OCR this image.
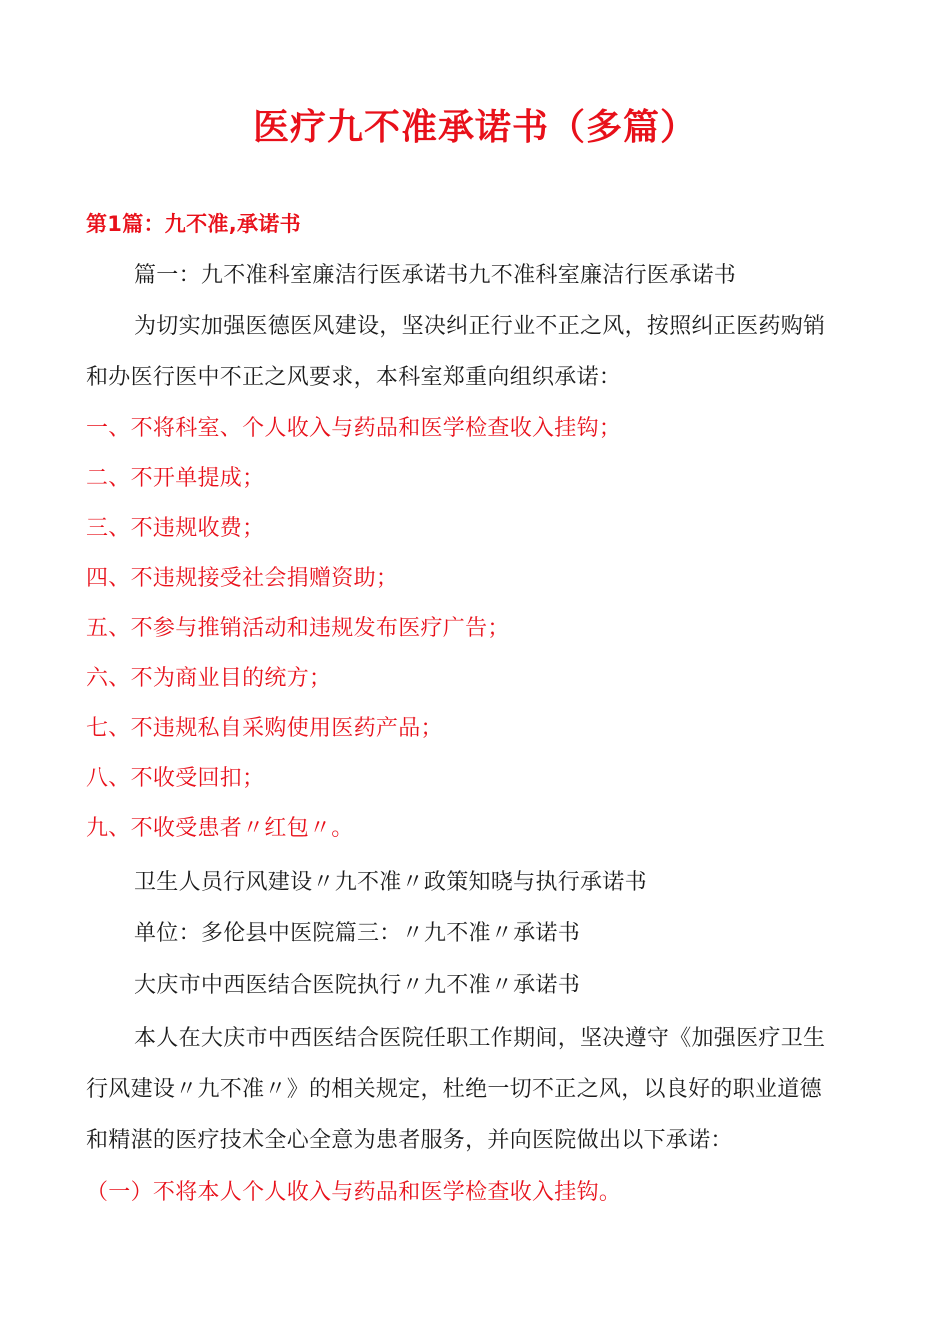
医疗九不准承诺书（多篇）
第1篇：九不准,承诺书
篇一：九不准科室廉洁行医承诺书九不准科室廉洁行医承诺书
为切实加强医德医风建设，坚决纠正行业不正之风，按照纠正医药购销
和办医行医中不正之风要求，本科室郑重向组织承诺：
一、不将科室、个人收入与药品和医学检查收入挂钩；
二、不开单提成；
三、不违规收费；
四、不违规接受社会捐赠资助；
五、不参与推销活动和违规发布医疗广告；
六、不为商业目的统方；
七、不违规私自采购使用医药产品；
八、不收受回扣；
九、不收受患者〃红包〃。
卫生人员行风建设〃九不准〃政策知晓与执行承诺书
单位：多伦县中医院篇三：〃九不准〃承诺书
大庆市中西医结合医院执行〃九不准〃承诺书
本人在大庆市中西医结合医院任职工作期间，坚决遵守《加强医疗卫生
行风建设〃九不准〃》的相关规定，杜绝一切不正之风，以良好的职业道德
和精湛的医疗技术全心全意为患者服务，并向医院做出以下承诺：
（一）不将本人个人收入与药品和医学检查收入挂钩。
